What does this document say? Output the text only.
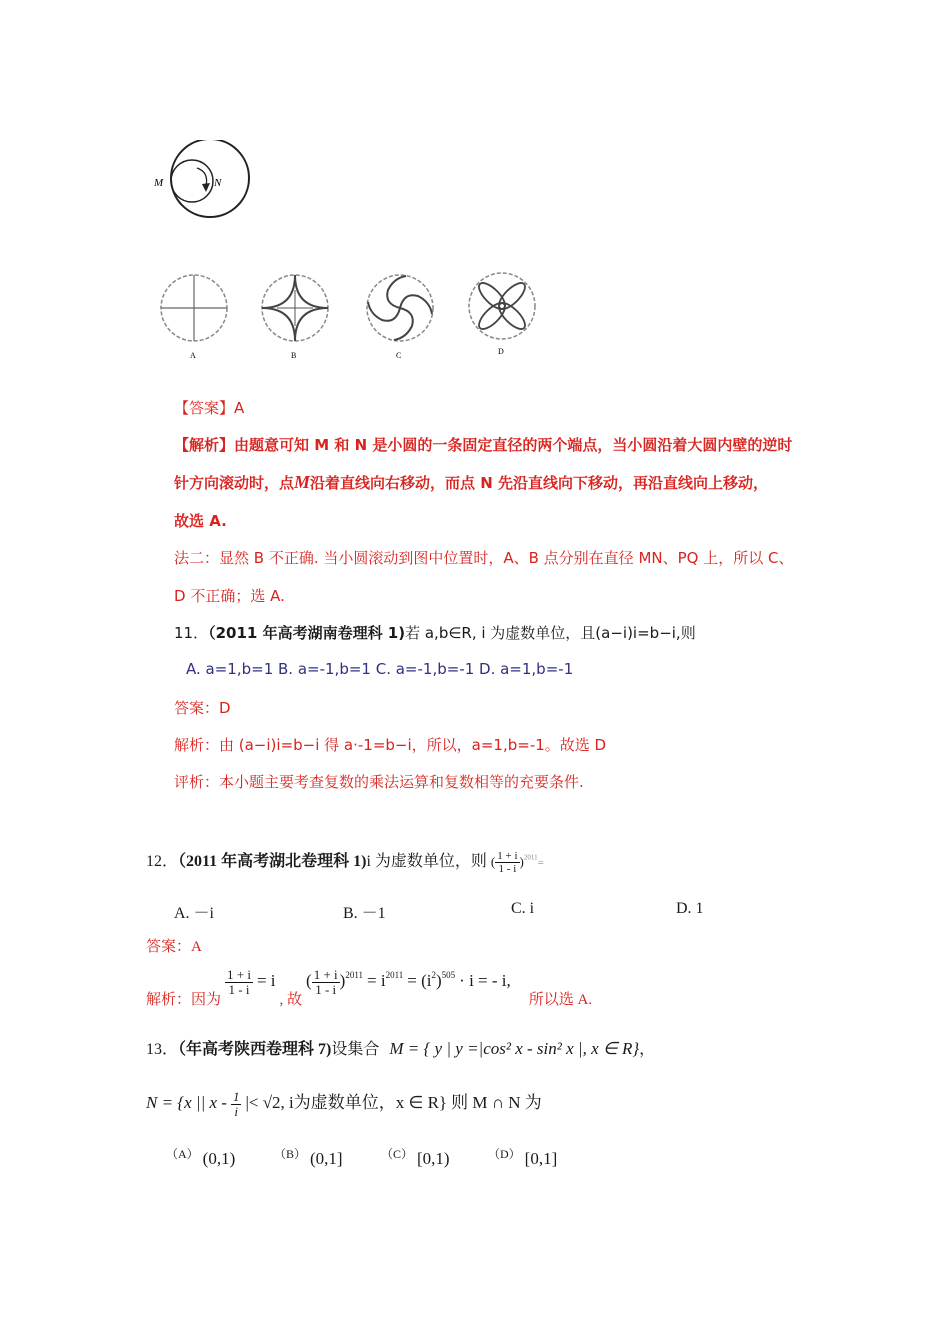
M	N
A	B	C	D
【答案】A
【解析】由题意可知 M 和 N 是小圆的一条固定直径的两个端点，当小圆沿着大圆内壁的逆时
针方向滚动时，点M沿着直线向右移动，而点 N 先沿直线向下移动，再沿直线向上移动，
故选 A.
法二：显然 B 不正确. 当小圆滚动到图中位置时，A、B 点分别在直径 MN、PQ 上，所以 C、
D 不正确；选 A.
11．（2011 年高考湖南卷理科 1)若 a,b∈R, i 为虚数单位，且(a−i)i=b−i,则
A. a=1,b=1 B. a=-1,b=1 C. a=-1,b=-1 D. a=1,b=-1
答案：D
解析：由 (a−i)i=b−i 得 a·-1=b−i，所以，a=1,b=-1。故选 D
评析：本小题主要考查复数的乘法运算和复数相等的充要条件.
12．（2011 年高考湖北卷理科 1)i 为虚数单位，则 ( $\frac{1 + i}{1 - i} )^{2011}=$
A. －i	B. －1	C. i	D. 1
答案：A
解析：因为
$\frac{1 + i}{1 - i} = i$ , 故 ( $\frac{1 + i}{1 - i} )^{2011} = i^{2011} = (i^2)^{505} \cdot i$ = - i, 所以选 A.
13．（年高考陕西卷理科 7)设集合 M = { y | y =|cos² x - sin² x |, x ∈ R}，
N = {x || x - $\frac{1}{i}$ |< √2, i为虚数单位，x ∈ R} 则 M ∩ N 为
$^{(A)}$ (0,1)	$^{(B)}$ (0,1]	$^{(C)}$ [0,1)	$^{(D)}$ [0,1]
